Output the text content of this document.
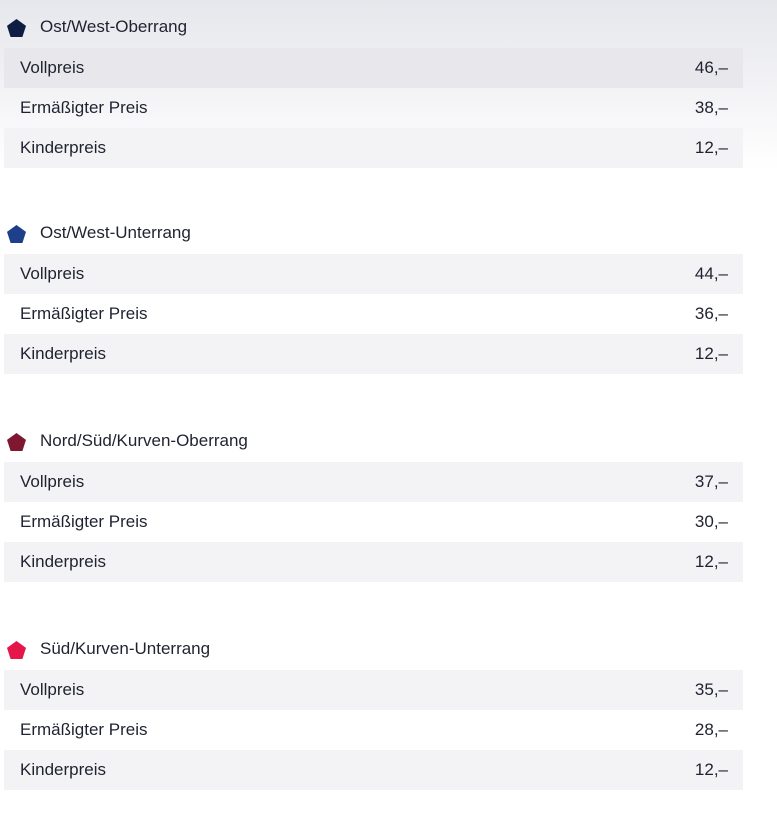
Ost/West-Oberrang
Vollpreis	46,–
Ermäßigter Preis	38,–
Kinderpreis	12,–
Ost/West-Unterrang
Vollpreis	44,–
Ermäßigter Preis	36,–
Kinderpreis	12,–
Nord/Süd/Kurven-Oberrang
Vollpreis	37,–
Ermäßigter Preis	30,–
Kinderpreis	12,–
Süd/Kurven-Unterrang
Vollpreis	35,–
Ermäßigter Preis	28,–
Kinderpreis	12,–
